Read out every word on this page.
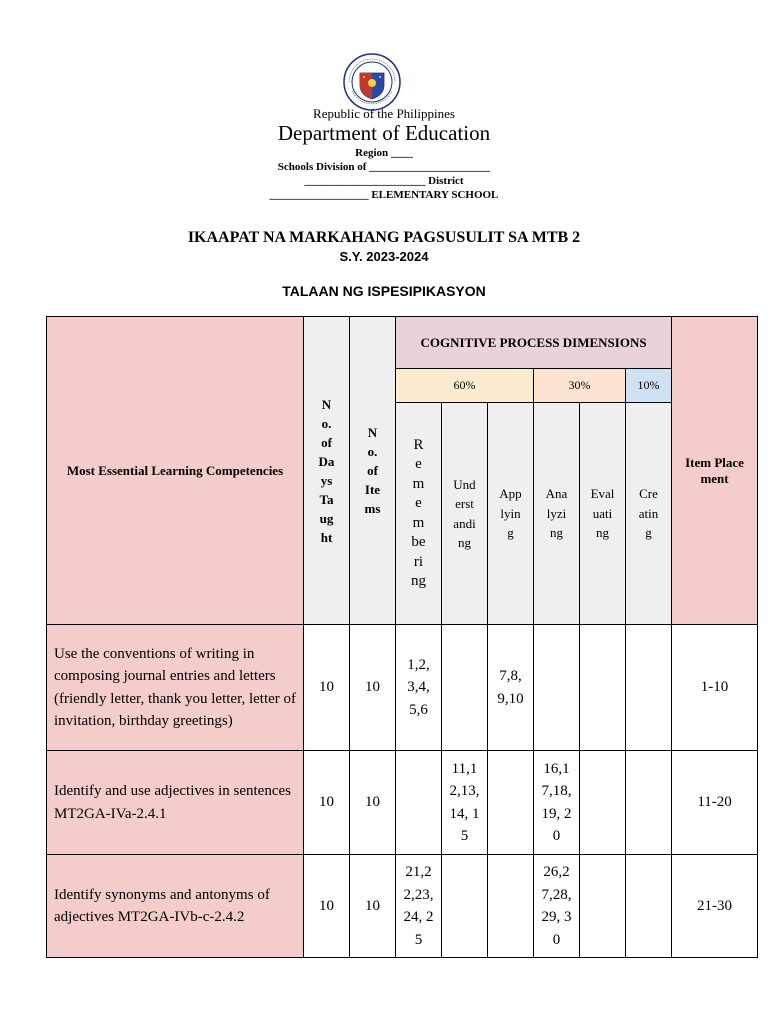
Republic of the Philippines
Department of Education
Region ____
Schools Division of ______________________
______________________ District
__________________ ELEMENTARY SCHOOL
IKAAPAT NA MARKAHANG PAGSUSULIT SA MTB 2
S.Y. 2023-2024
TALAAN NG ISPESIPIKASYON
Most Essential Learning Competencies	No. of Days Taught	No. of Items	COGNITIVE PROCESS DIMENSIONS						Item Placement
			60%			30%		10%	
			Remembering	Understanding	Applying	Analyzing	Evaluating	Creating	
Use the conventions of writing in composing journal entries and letters (friendly letter, thank you letter, letter of invitation, birthday greetings)	10	10	1,2, 3,4, 5,6		7,8, 9,10				1-10
Identify and use adjectives in sentences MT2GA-IVa-2.4.1	10	10		11,12,13,14, 15		16,17,18,19, 20			11-20
Identify synonyms and antonyms of adjectives MT2GA-IVb-c-2.4.2	10	10	21,22,23,24, 25			26,27,28,29, 30			21-30
